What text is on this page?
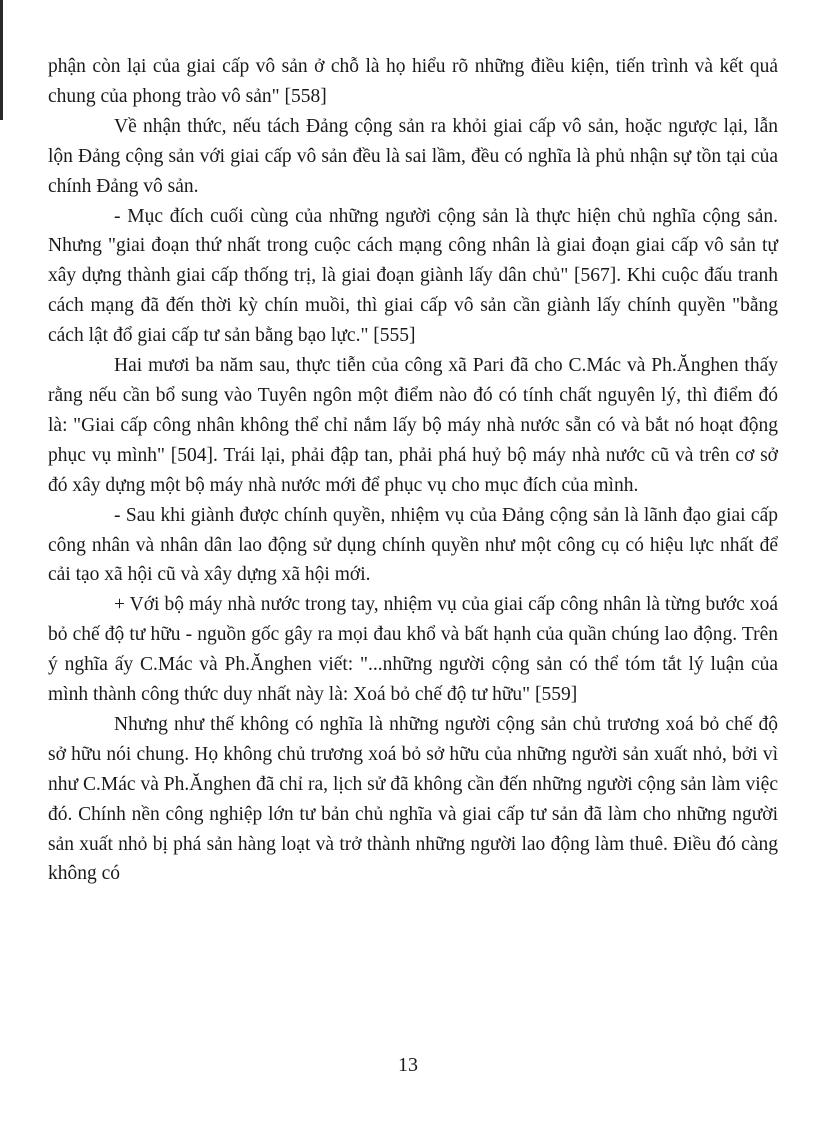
phận còn lại của giai cấp vô sản ở chỗ là họ hiểu rõ những điều kiện, tiến trình và kết quả chung của phong trào vô sản" [558]

Về nhận thức, nếu tách Đảng cộng sản ra khỏi giai cấp vô sản, hoặc ngược lại, lẫn lộn Đảng cộng sản với giai cấp vô sản đều là sai lầm, đều có nghĩa là phủ nhận sự tồn tại của chính Đảng vô sản.

- Mục đích cuối cùng của những người cộng sản là thực hiện chủ nghĩa cộng sản. Nhưng "giai đoạn thứ nhất trong cuộc cách mạng công nhân là giai đoạn giai cấp vô sản tự xây dựng thành giai cấp thống trị, là giai đoạn giành lấy dân chủ" [567]. Khi cuộc đấu tranh cách mạng đã đến thời kỳ chín muồi, thì giai cấp vô sản cần giành lấy chính quyền "bằng cách lật đổ giai cấp tư sản bằng bạo lực." [555]

Hai mươi ba năm sau, thực tiễn của công xã Pari đã cho C.Mác và Ph.Ănghen thấy rằng nếu cần bổ sung vào Tuyên ngôn một điểm nào đó có tính chất nguyên lý, thì điểm đó là: "Giai cấp công nhân không thể chỉ nắm lấy bộ máy nhà nước sẵn có và bắt nó hoạt động phục vụ mình" [504]. Trái lại, phải đập tan, phải phá huỷ bộ máy nhà nước cũ và trên cơ sở đó xây dựng một bộ máy nhà nước mới để phục vụ cho mục đích của mình.

- Sau khi giành được chính quyền, nhiệm vụ của Đảng cộng sản là lãnh đạo giai cấp công nhân và nhân dân lao động sử dụng chính quyền như một công cụ có hiệu lực nhất để cải tạo xã hội cũ và xây dựng xã hội mới.

+ Với bộ máy nhà nước trong tay, nhiệm vụ của giai cấp công nhân là từng bước xoá bỏ chế độ tư hữu - nguồn gốc gây ra mọi đau khổ và bất hạnh của quần chúng lao động. Trên ý nghĩa ấy C.Mác và Ph.Ănghen viết: "...những người cộng sản có thể tóm tắt lý luận của mình thành công thức duy nhất này là: Xoá bỏ chế độ tư hữu" [559]

Nhưng như thế không có nghĩa là những người cộng sản chủ trương xoá bỏ chế độ sở hữu nói chung. Họ không chủ trương xoá bỏ sở hữu của những người sản xuất nhỏ, bởi vì như C.Mác và Ph.Ănghen đã chỉ ra, lịch sử đã không cần đến những người cộng sản làm việc đó. Chính nền công nghiệp lớn tư bản chủ nghĩa và giai cấp tư sản đã làm cho những người sản xuất nhỏ bị phá sản hàng loạt và trở thành những người lao động làm thuê. Điều đó càng không có

13
